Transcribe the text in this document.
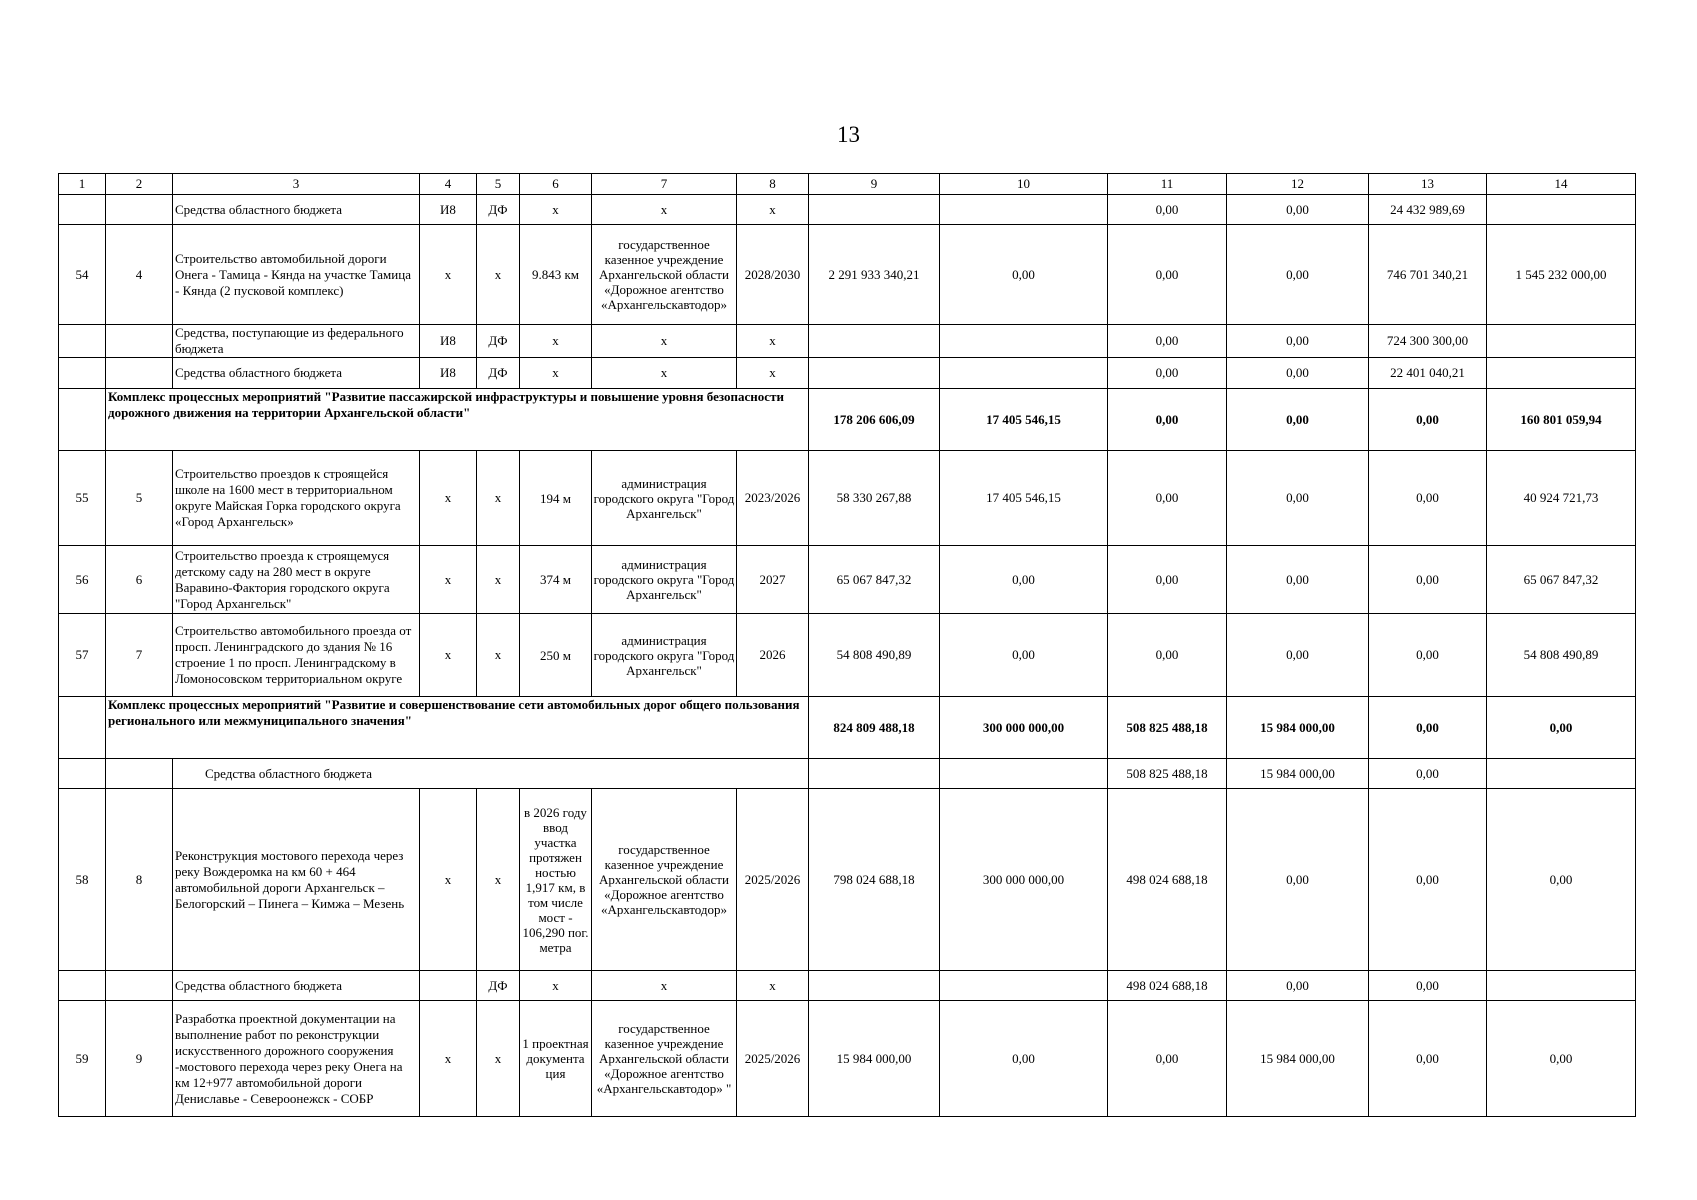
13
1	2	3	4	5	6	7	8	9	10	11	12	13	14
		Средства областного бюджета	И8	ДФ	х	х	х			0,00	0,00	24 432 989,69	
54	4	Строительство автомобильной дороги Онега - Тамица - Кянда на участке Тамица - Кянда (2 пусковой комплекс)	х	х	9.843 км	государственное казенное учреждение Архангельской области «Дорожное агентство «Архангельскавтодор»	2028/2030	2 291 933 340,21	0,00	0,00	0,00	746 701 340,21	1 545 232 000,00
		Средства, поступающие из федерального бюджета	И8	ДФ	х	х	х			0,00	0,00	724 300 300,00	
		Средства областного бюджета	И8	ДФ	х	х	х			0,00	0,00	22 401 040,21	
	Комплекс процессных мероприятий "Развитие пассажирской инфраструктуры и повышение уровня безопасности дорожного движения на территории Архангельской области"							178 206 606,09	17 405 546,15	0,00	0,00	0,00	160 801 059,94
55	5	Строительство проездов к строящейся школе на 1600 мест в территориальном округе Майская Горка городского округа «Город Архангельск»	х	х	194 м	администрация городского округа "Город Архангельск"	2023/2026	58 330 267,88	17 405 546,15	0,00	0,00	0,00	40 924 721,73
56	6	Строительство проезда к строящемуся детскому саду на 280 мест в округе Варавино-Фактория городского округа "Город Архангельск"	х	х	374 м	администрация городского округа "Город Архангельск"	2027	65 067 847,32	0,00	0,00	0,00	0,00	65 067 847,32
57	7	Строительство автомобильного проезда от просп. Ленинградского до здания № 16 строение 1 по просп. Ленинградскому в Ломоносовском территориальном округе	х	х	250 м	администрация городского округа "Город Архангельск"	2026	54 808 490,89	0,00	0,00	0,00	0,00	54 808 490,89
	Комплекс процессных мероприятий "Развитие и совершенствование сети автомобильных дорог общего пользования регионального или межмуниципального значения"							824 809 488,18	300 000 000,00	508 825 488,18	15 984 000,00	0,00	0,00
		Средства областного бюджета								508 825 488,18	15 984 000,00	0,00	
58	8	Реконструкция мостового перехода через реку Вождеромка на км 60 + 464 автомобильной дороги Архангельск – Белогорский – Пинега – Кимжа – Мезень	х	х	в 2026 году ввод участка протяжен ностью 1,917 км, в том числе мост - 106,290 пог. метра	государственное казенное учреждение Архангельской области «Дорожное агентство «Архангельскавтодор»	2025/2026	798 024 688,18	300 000 000,00	498 024 688,18	0,00	0,00	0,00
		Средства областного бюджета		ДФ	х	х	х			498 024 688,18	0,00	0,00	
59	9	Разработка проектной документации на выполнение работ по реконструкции искусственного дорожного сооружения -мостового перехода через реку Онега на км 12+977 автомобильной дороги Дениславье - Североонежск - СОБР	х	х	1 проектная документа ция	государственное казенное учреждение Архангельской области «Дорожное агентство «Архангельскавтодор» "	2025/2026	15 984 000,00	0,00	0,00	15 984 000,00	0,00	0,00
